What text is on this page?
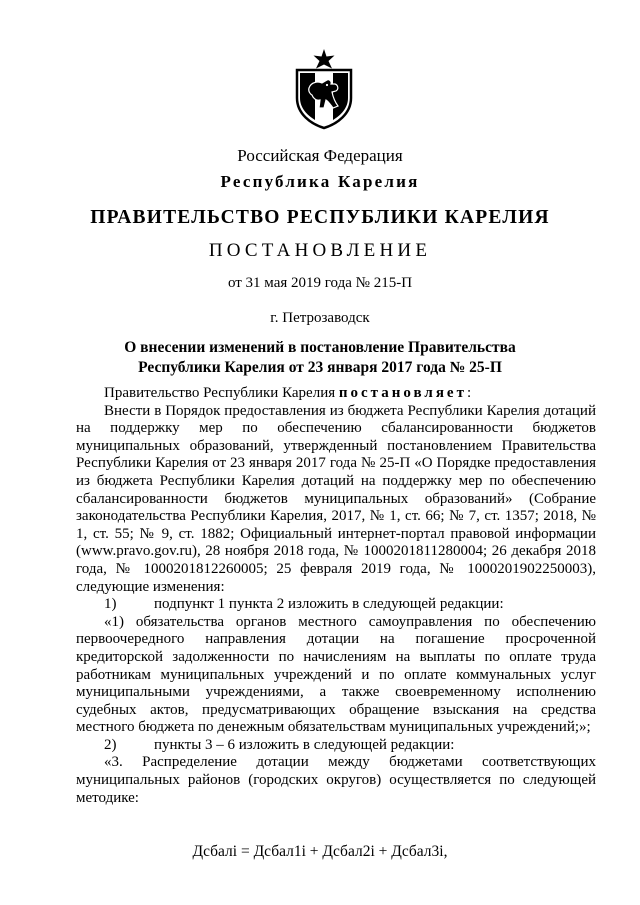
Российская Федерация
Республика Карелия
ПРАВИТЕЛЬСТВО РЕСПУБЛИКИ КАРЕЛИЯ
ПОСТАНОВЛЕНИЕ
от 31 мая 2019 года № 215-П
г. Петрозаводск
О внесении изменений в постановление Правительства
Республики Карелия от 23 января 2017 года № 25-П
Правительство Республики Карелия постановляет:
Внести в Порядок предоставления из бюджета Республики Карелия дотаций на поддержку мер по обеспечению сбалансированности бюджетов муниципальных образований, утвержденный постановлением Правительства Республики Карелия от 23 января 2017 года № 25-П «О Порядке предоставления из бюджета Республики Карелия дотаций на поддержку мер по обеспечению сбалансированности бюджетов муниципальных образований» (Собрание законодательства Республики Карелия, 2017, № 1, ст. 66; № 7, ст. 1357; 2018, № 1, ст. 55; № 9, ст. 1882; Официальный интернет-портал правовой информации (www.pravo.gov.ru), 28 ноября 2018 года, № 1000201811280004; 26 декабря 2018 года, № 1000201812260005; 25 февраля 2019 года, № 1000201902250003), следующие изменения:
1)	подпункт 1 пункта 2 изложить в следующей редакции:
«1) обязательства органов местного самоуправления по обеспечению первоочередного направления дотации на погашение просроченной кредиторской задолженности по начислениям на выплаты по оплате труда работникам муниципальных учреждений и по оплате коммунальных услуг муниципальными учреждениями, а также своевременному исполнению судебных актов, предусматривающих обращение взыскания на средства местного бюджета по денежным обязательствам муниципальных учреждений;»;
2)	пункты 3 – 6 изложить в следующей редакции:
«3. Распределение дотации между бюджетами соответствующих муниципальных районов (городских округов) осуществляется по следующей методике:
Дсбалi = Дсбал1i + Дсбал2i + Дсбал3i,
